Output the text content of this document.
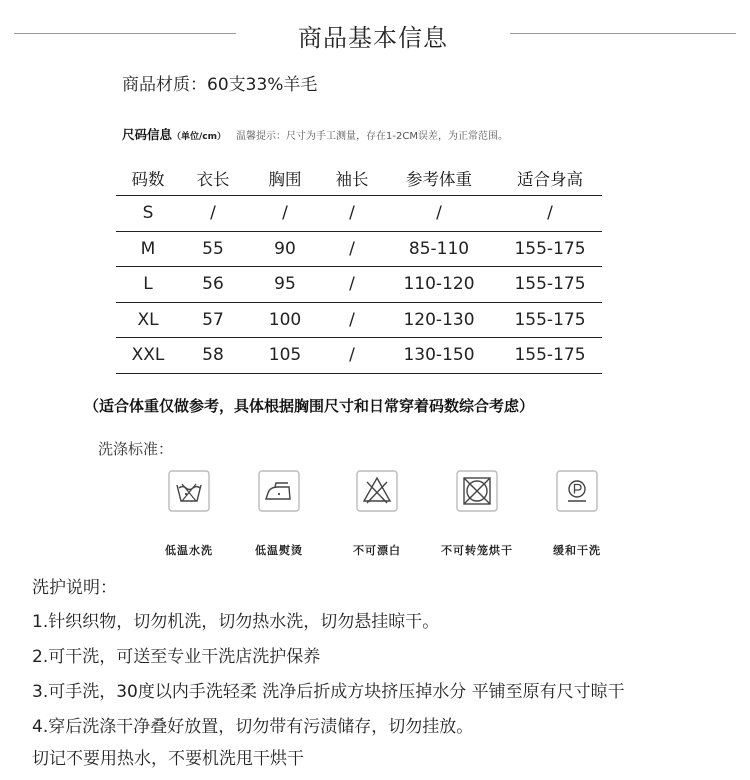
商品基本信息
商品材质：60支33%羊毛
尺码信息（单位/cm） 温馨提示：尺寸为手工测量，存在1-2CM误差，为正常范围。
码数	衣长	胸围	袖长	参考体重	适合身高
S	/	/	/	/	/
M	55	90	/	85-110	155-175
L	56	95	/	110-120	155-175
XL	57	100	/	120-130	155-175
XXL	58	105	/	130-150	155-175
（适合体重仅做参考，具体根据胸围尺寸和日常穿着码数综合考虑）
洗涤标准：
低温水洗	低温熨烫	不可漂白	不可转笼烘干	缓和干洗
洗护说明：
1.针织织物，切勿机洗，切勿热水洗，切勿悬挂晾干。
2.可干洗，可送至专业干洗店洗护保养
3.可手洗，30度以内手洗轻柔 洗净后折成方块挤压掉水分 平铺至原有尺寸晾干
4.穿后洗涤干净叠好放置，切勿带有污渍储存，切勿挂放。
切记不要用热水，不要机洗甩干烘干
